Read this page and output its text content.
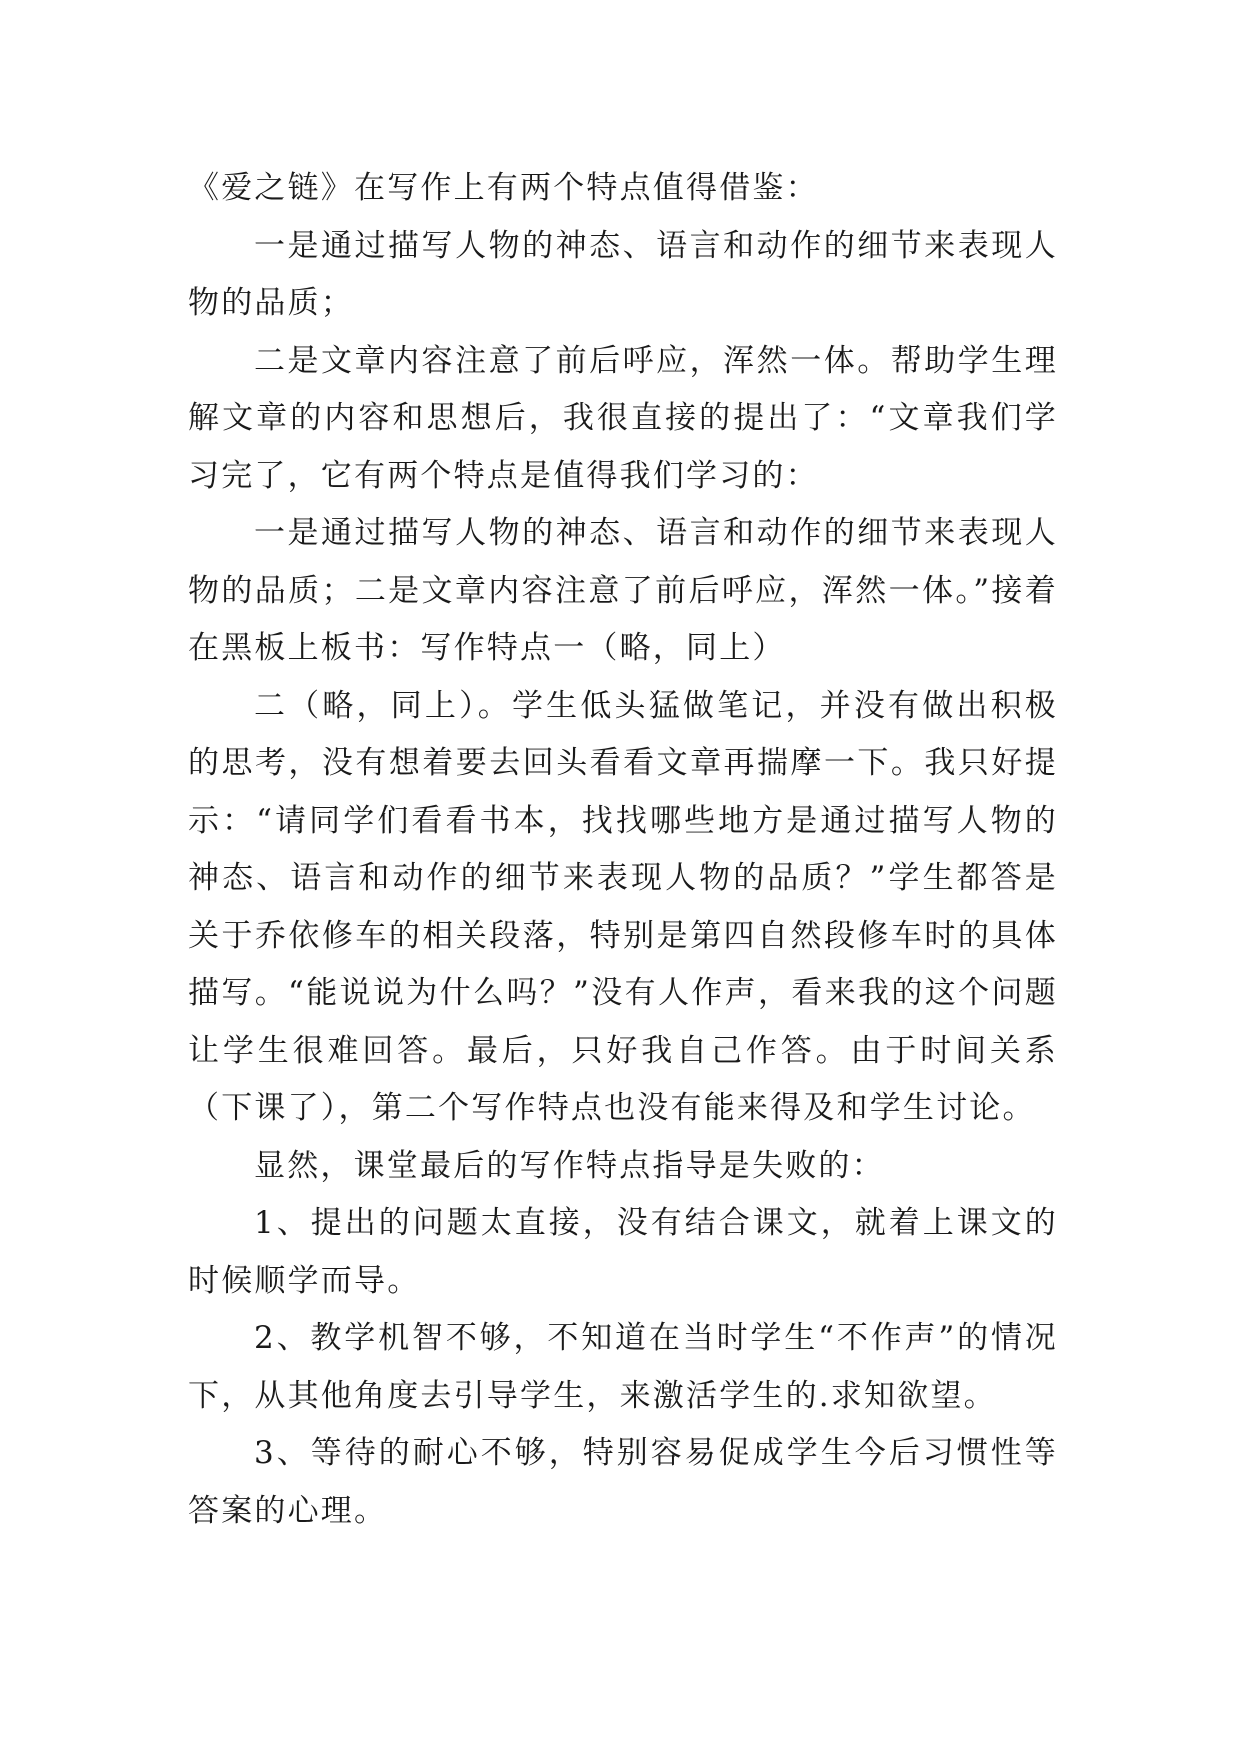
《爱之链》在写作上有两个特点值得借鉴：

一是通过描写人物的神态、语言和动作的细节来表现人物的品质；

二是文章内容注意了前后呼应，浑然一体。帮助学生理解文章的内容和思想后，我很直接的提出了：“文章我们学习完了，它有两个特点是值得我们学习的：

一是通过描写人物的神态、语言和动作的细节来表现人物的品质；二是文章内容注意了前后呼应，浑然一体。”接着在黑板上板书：写作特点一（略，同上）

二（略，同上）。学生低头猛做笔记，并没有做出积极的思考，没有想着要去回头看看文章再揣摩一下。我只好提示：“请同学们看看书本，找找哪些地方是通过描写人物的神态、语言和动作的细节来表现人物的品质？”学生都答是关于乔依修车的相关段落，特别是第四自然段修车时的具体描写。“能说说为什么吗？”没有人作声，看来我的这个问题让学生很难回答。最后，只好我自己作答。由于时间关系（下课了），第二个写作特点也没有能来得及和学生讨论。

显然，课堂最后的写作特点指导是失败的：

1、提出的问题太直接，没有结合课文，就着上课文的时候顺学而导。

2、教学机智不够，不知道在当时学生“不作声”的情况下，从其他角度去引导学生，来激活学生的.求知欲望。

3、等待的耐心不够，特别容易促成学生今后习惯性等答案的心理。
